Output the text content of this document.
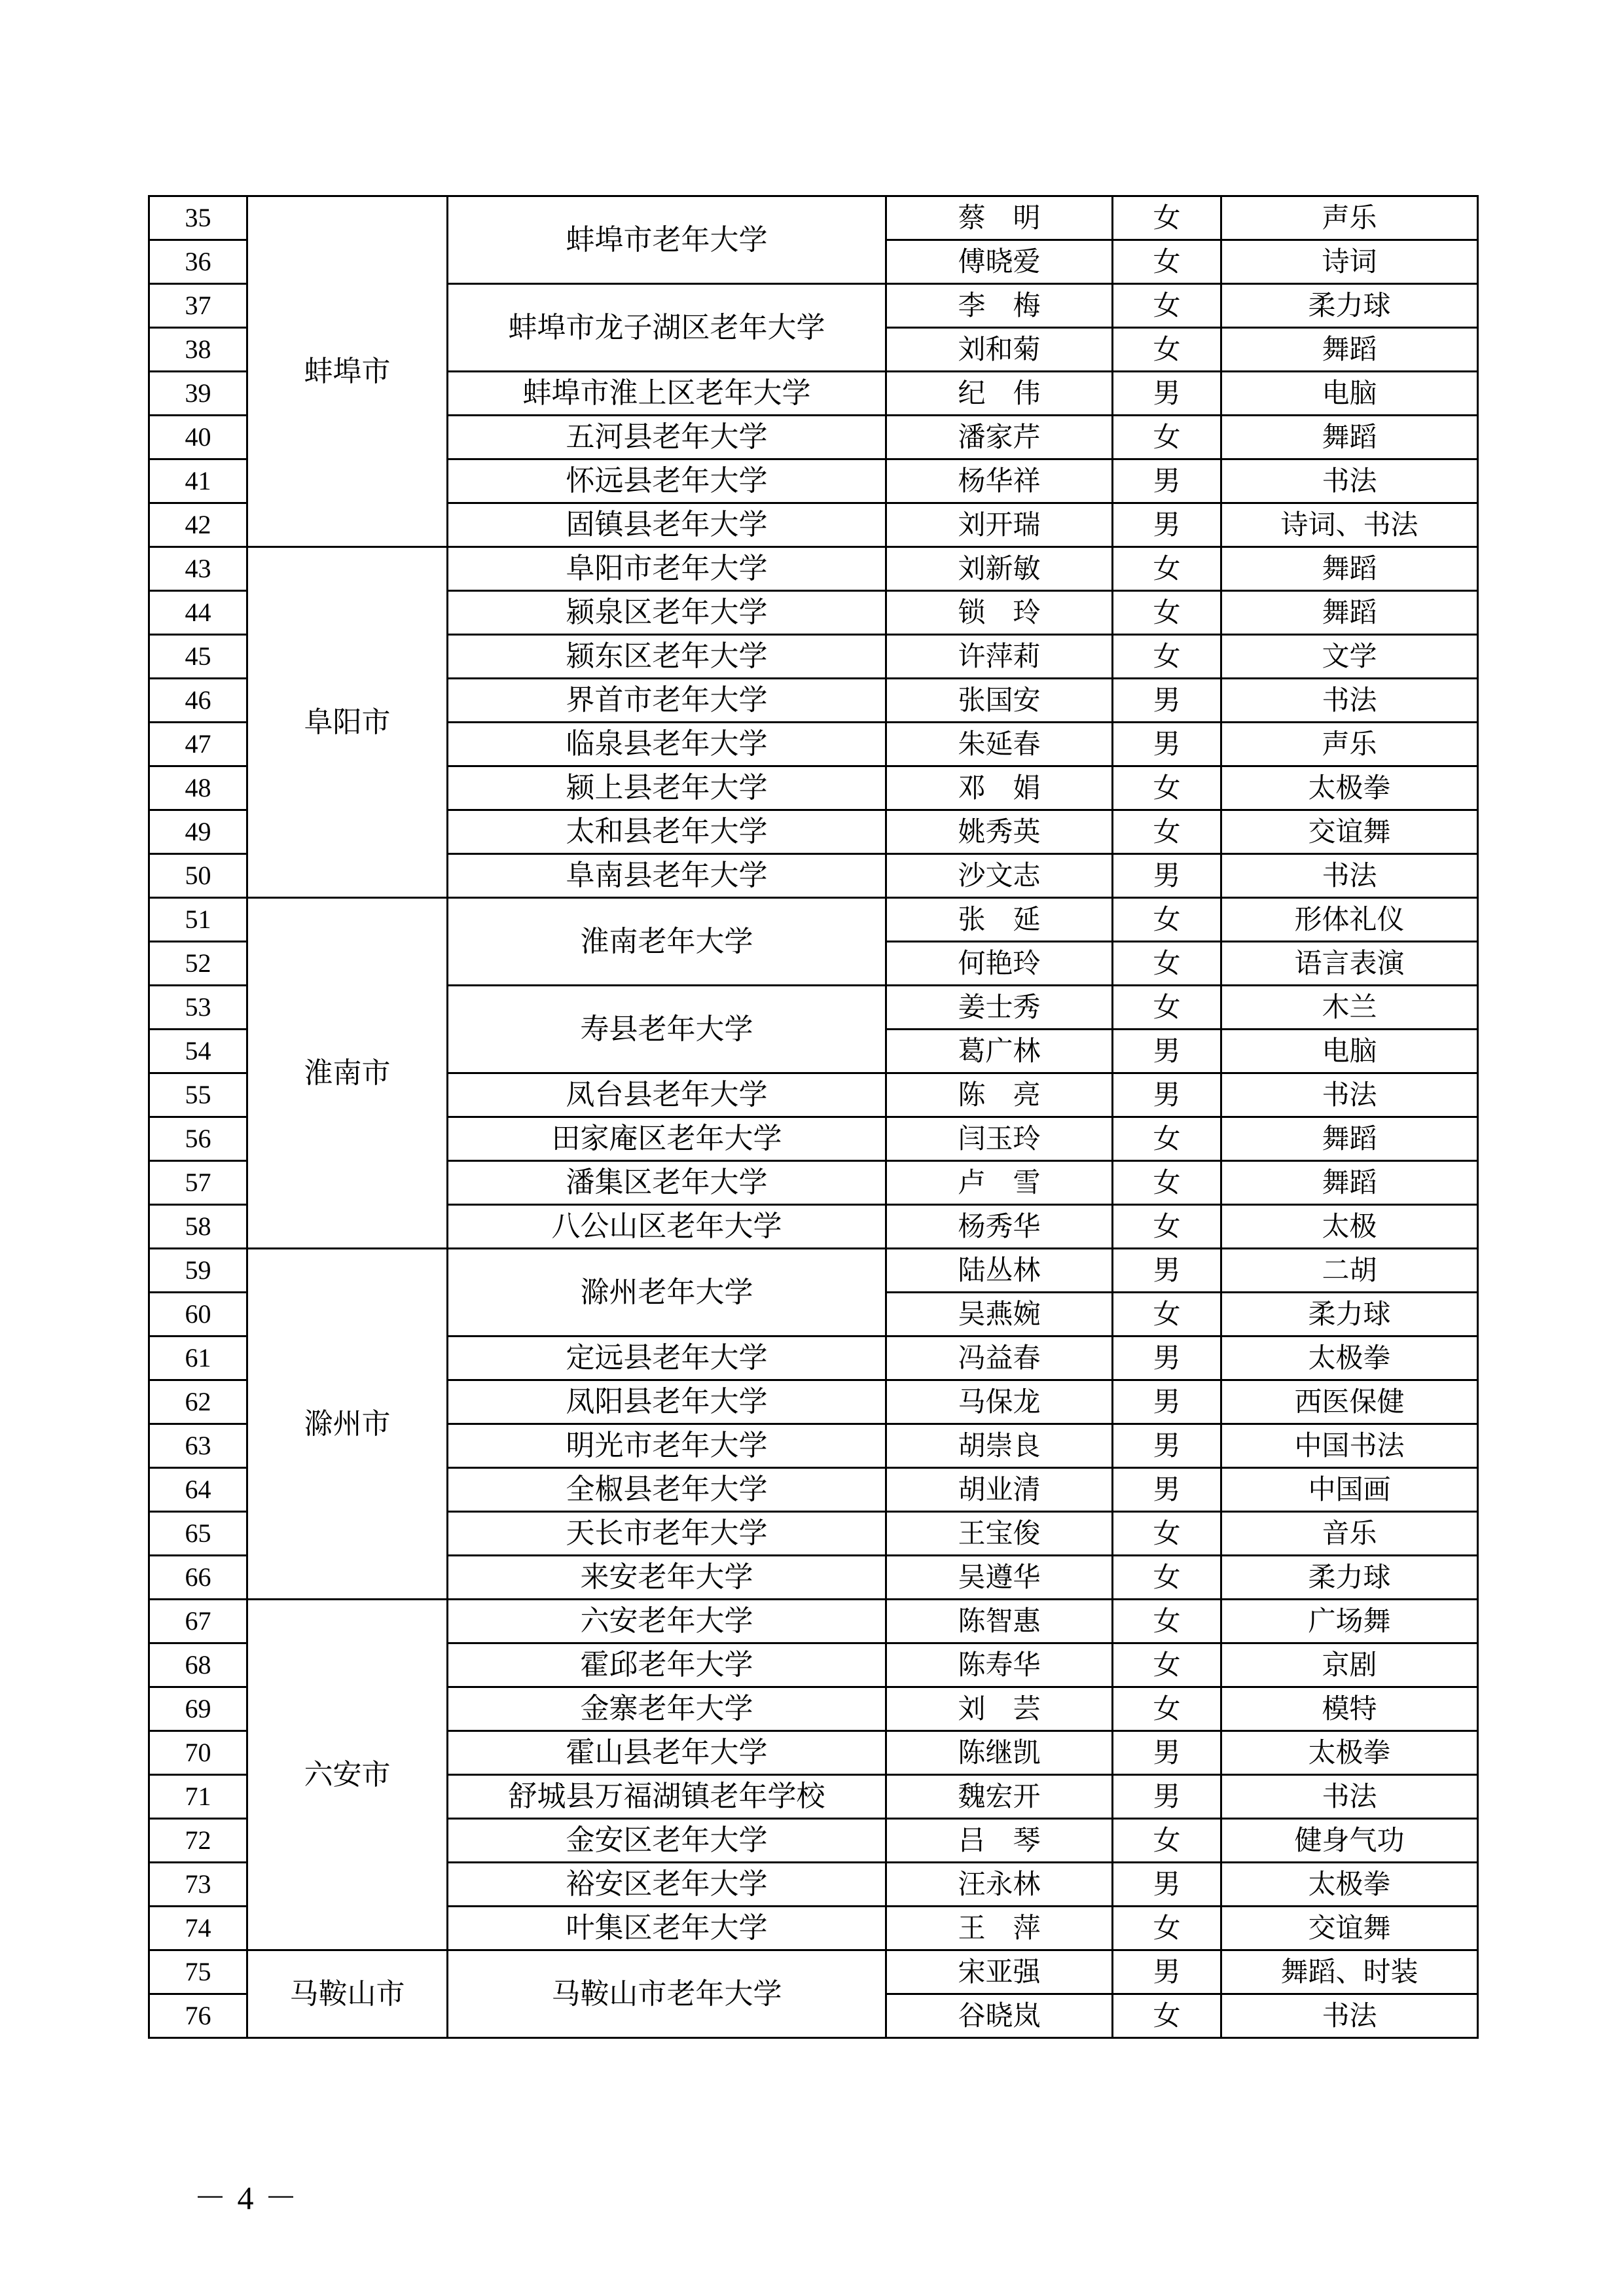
35	蚌埠市	蚌埠市老年大学	蔡　明	女	声乐
36			傅晓爱	女	诗词
37		蚌埠市龙子湖区老年大学	李　梅	女	柔力球
38			刘和菊	女	舞蹈
39		蚌埠市淮上区老年大学	纪　伟	男	电脑
40		五河县老年大学	潘家芹	女	舞蹈
41		怀远县老年大学	杨华祥	男	书法
42		固镇县老年大学	刘开瑞	男	诗词、书法
43	阜阳市	阜阳市老年大学	刘新敏	女	舞蹈
44		颍泉区老年大学	锁　玲	女	舞蹈
45		颍东区老年大学	许萍莉	女	文学
46		界首市老年大学	张国安	男	书法
47		临泉县老年大学	朱延春	男	声乐
48		颍上县老年大学	邓　娟	女	太极拳
49		太和县老年大学	姚秀英	女	交谊舞
50		阜南县老年大学	沙文志	男	书法
51	淮南市	淮南老年大学	张　延	女	形体礼仪
52			何艳玲	女	语言表演
53		寿县老年大学	姜士秀	女	木兰
54			葛广林	男	电脑
55		凤台县老年大学	陈　亮	男	书法
56		田家庵区老年大学	闫玉玲	女	舞蹈
57		潘集区老年大学	卢　雪	女	舞蹈
58		八公山区老年大学	杨秀华	女	太极
59	滁州市	滁州老年大学	陆丛林	男	二胡
60			吴燕婉	女	柔力球
61		定远县老年大学	冯益春	男	太极拳
62		凤阳县老年大学	马保龙	男	西医保健
63		明光市老年大学	胡崇良	男	中国书法
64		全椒县老年大学	胡业清	男	中国画
65		天长市老年大学	王宝俊	女	音乐
66		来安老年大学	吴遵华	女	柔力球
67	六安市	六安老年大学	陈智惠	女	广场舞
68		霍邱老年大学	陈寿华	女	京剧
69		金寨老年大学	刘　芸	女	模特
70		霍山县老年大学	陈继凯	男	太极拳
71		舒城县万福湖镇老年学校	魏宏开	男	书法
72		金安区老年大学	吕　琴	女	健身气功
73		裕安区老年大学	汪永林	男	太极拳
74		叶集区老年大学	王　萍	女	交谊舞
75	马鞍山市	马鞍山市老年大学	宋亚强	男	舞蹈、时装
76			谷晓岚	女	书法
－ 4 －
